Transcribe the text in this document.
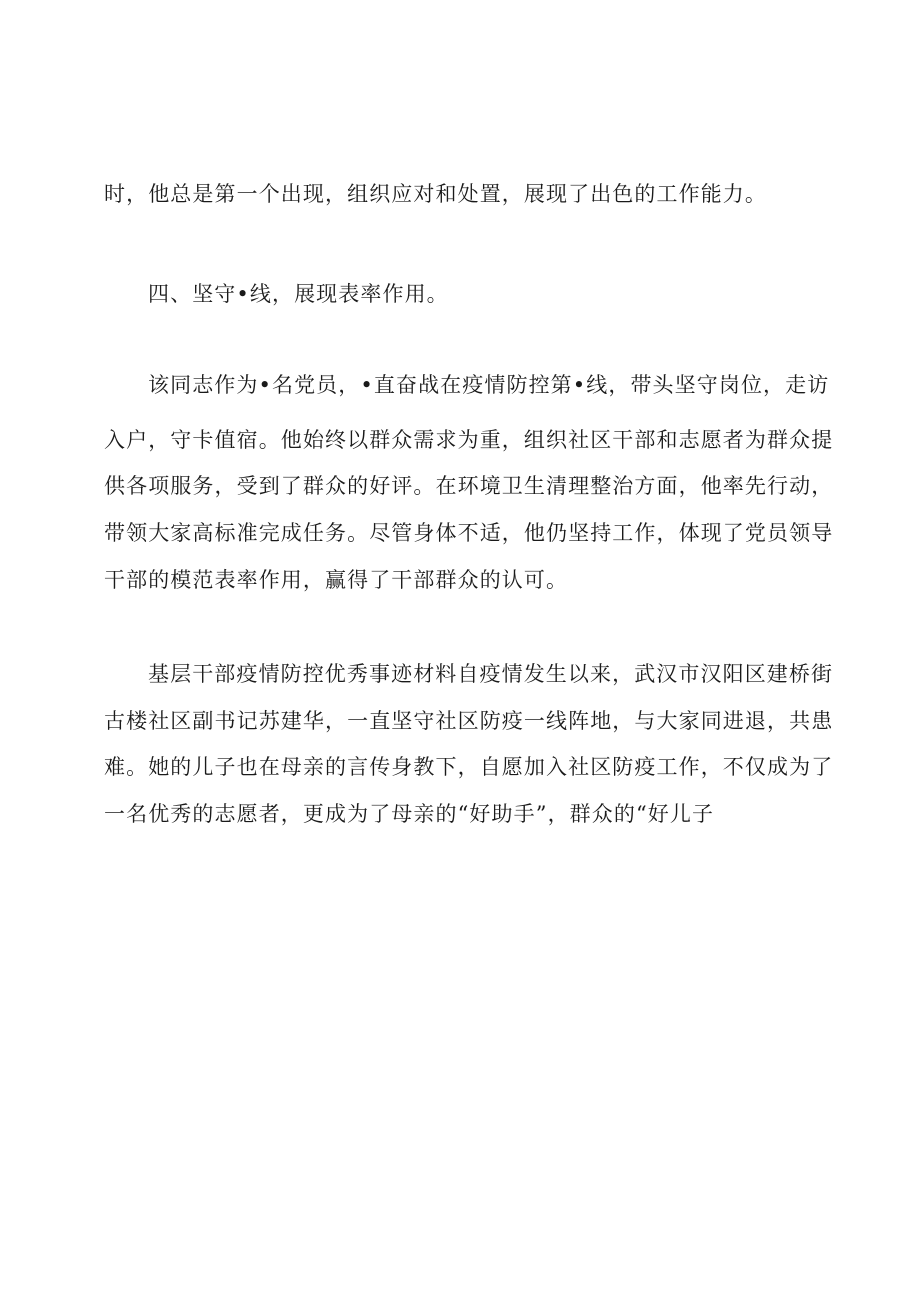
时，他总是第一个出现，组织应对和处置，展现了出色的工作能力。
四、坚守•线，展现表率作用。
该同志作为•名党员，•直奋战在疫情防控第•线，带头坚守岗位，走访
入户，守卡值宿。他始终以群众需求为重，组织社区干部和志愿者为群众提
供各项服务，受到了群众的好评。在环境卫生清理整治方面，他率先行动，
带领大家高标准完成任务。尽管身体不适，他仍坚持工作，体现了党员领导
干部的模范表率作用，赢得了干部群众的认可。
基层干部疫情防控优秀事迹材料自疫情发生以来，武汉市汉阳区建桥街
古楼社区副书记苏建华，一直坚守社区防疫一线阵地，与大家同进退，共患
难。她的儿子也在母亲的言传身教下，自愿加入社区防疫工作，不仅成为了
一名优秀的志愿者，更成为了母亲的“好助手”，群众的“好儿子
